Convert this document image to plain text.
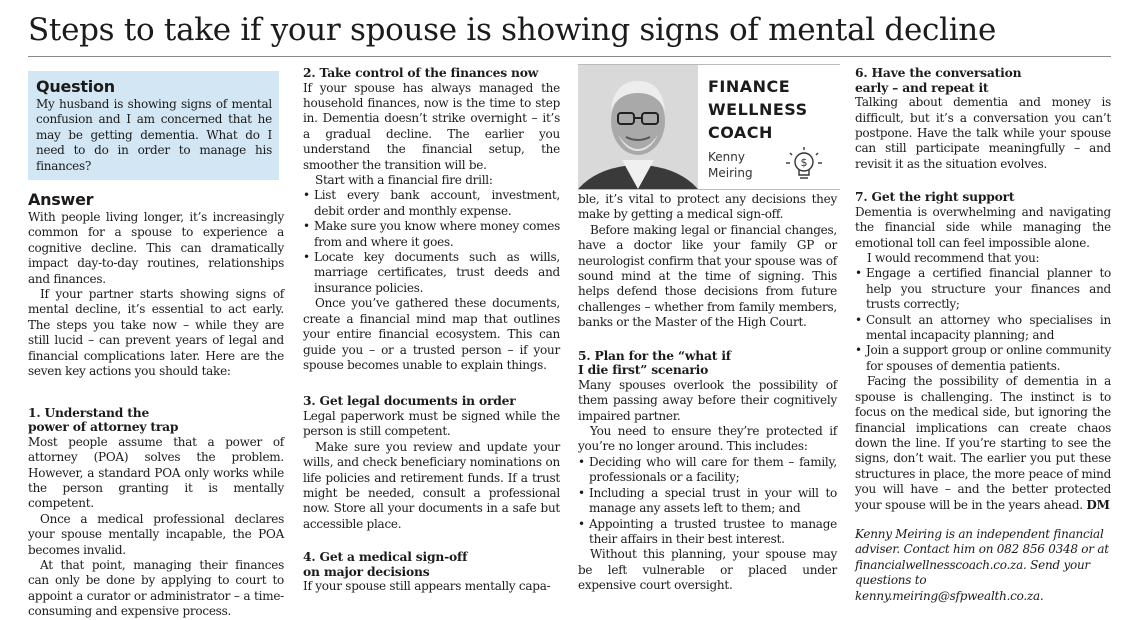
Steps to take if your spouse is showing signs of mental decline
Question

My husband is showing signs of mental confusion and I am concerned that he may be getting dementia. What do I need to do in order to manage his finances?

Answer

With people living longer, it’s increasingly common for a spouse to experience a cognitive decline. This can dramatically impact day-to-day routines, relationships and finances.

If your partner starts showing signs of mental decline, it’s essential to act early. The steps you take now – while they are still lucid – can prevent years of legal and financial complications later. Here are the seven key actions you should take:

1. Understand the

power of attorney trap

Most people assume that a power of attorney (POA) solves the problem. However, a standard POA only works while the person granting it is mentally competent.

Once a medical professional declares your spouse mentally incapable, the POA becomes invalid.

At that point, managing their finances can only be done by applying to court to appoint a curator or administrator – a time-consuming and expensive process.

2. Take control of the finances now

If your spouse has always managed the household finances, now is the time to step in. Dementia doesn’t strike overnight – it’s a gradual decline. The earlier you understand the financial setup, the smoother the transition will be.

Start with a financial fire drill:

• List every bank account, investment, debit order and monthly expense.
• Make sure you know where money comes from and where it goes.
• Locate key documents such as wills, marriage certificates, trust deeds and insurance policies.

Once you’ve gathered these documents, create a financial mind map that outlines your entire financial ecosystem. This can guide you – or a trusted person – if your spouse becomes unable to explain things.

3. Get legal documents in order

Legal paperwork must be signed while the person is still competent.

Make sure you review and update your wills, and check beneficiary nominations on life policies and retirement funds. If a trust might be needed, consult a professional now. Store all your documents in a safe but accessible place.

4. Get a medical sign-off

on major decisions

If your spouse still appears mentally capa-

FINANCE
WELLNESS
COACH
Kenny
Meiring
$

ble, it’s vital to protect any decisions they make by getting a medical sign-off.

Before making legal or financial changes, have a doctor like your family GP or neurologist confirm that your spouse was of sound mind at the time of signing. This helps defend those decisions from future challenges – whether from family members, banks or the Master of the High Court.

5. Plan for the “what if

I die first” scenario

Many spouses overlook the possibility of them passing away before their cognitively impaired partner.

You need to ensure they’re protected if you’re no longer around. This includes:

• Deciding who will care for them – family, professionals or a facility;
• Including a special trust in your will to manage any assets left to them; and
• Appointing a trusted trustee to manage their affairs in their best interest.

Without this planning, your spouse may be left vulnerable or placed under expensive court oversight.

6. Have the conversation

early – and repeat it

Talking about dementia and money is difficult, but it’s a conversation you can’t postpone. Have the talk while your spouse can still participate meaningfully – and revisit it as the situation evolves.

7. Get the right support

Dementia is overwhelming and navigating the financial side while managing the emotional toll can feel impossible alone.

I would recommend that you:

• Engage a certified financial planner to help you structure your finances and trusts correctly;
• Consult an attorney who specialises in mental incapacity planning; and
• Join a support group or online community for spouses of dementia patients.

Facing the possibility of dementia in a spouse is challenging. The instinct is to focus on the medical side, but ignoring the financial implications can create chaos down the line. If you’re starting to see the signs, don’t wait. The earlier you put these structures in place, the more peace of mind you will have – and the better protected your spouse will be in the years ahead. DM

Kenny Meiring is an independent financial adviser. Contact him on 082 856 0348 or at financialwellnesscoach.co.za. Send your questions to kenny.meiring@sfpwealth.co.za.
